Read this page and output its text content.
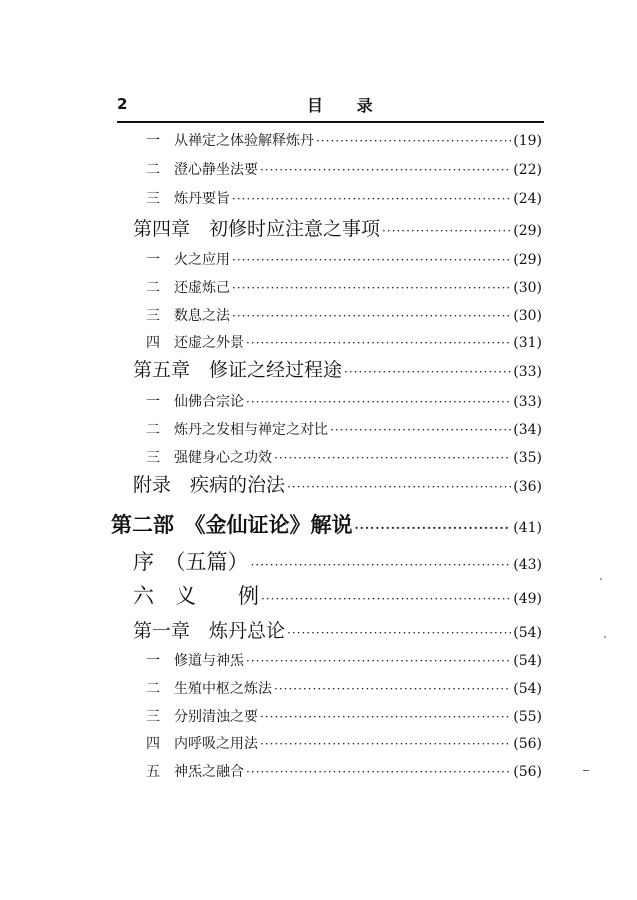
2	目 录
一 从禅定之体验解释炼丹 ·····	(19)
二 澄心静坐法要 ·····	(22)
三 炼丹要旨 ·····	(24)
第四章　初修时应注意之事项 ·····	(29)
一 火之应用 ·····	(29)
二 还虚炼己 ·····	(30)
三 数息之法 ·····	(30)
四 还虚之外景 ·····	(31)
第五章　修证之经过程途 ·····	(33)
一 仙佛合宗论 ·····	(33)
二 炼丹之发相与禅定之对比 ·····	(34)
三 强健身心之功效 ·····	(35)
附录　疾病的治法 ·····	(36)
第二部　《金仙证论》解说 ·····	(41)
序　（五篇） ·····	(43)
六　义　　例 ·····	(49)
第一章　炼丹总论 ·····	(54)
一 修道与神炁 ·····	(54)
二 生殖中枢之炼法 ·····	(54)
三 分别清浊之要 ·····	(55)
四 内呼吸之用法 ·····	(56)
五 神炁之融合 ·····	(56)
